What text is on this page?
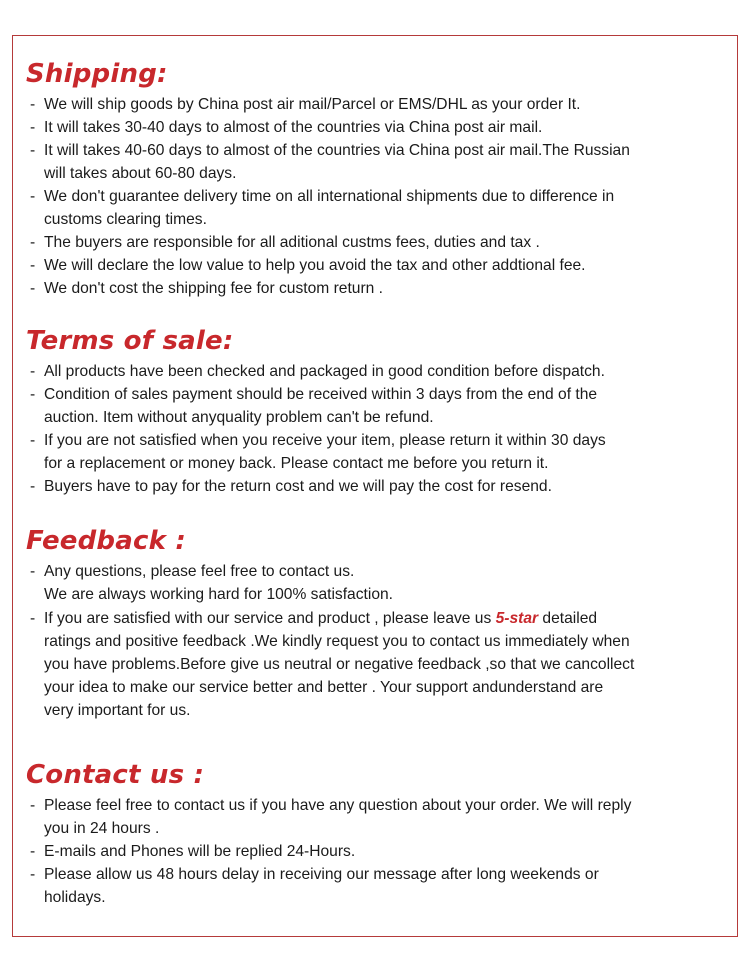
Shipping:
- We will ship goods by China post air mail/Parcel or EMS/DHL as your order It.
- It will takes 30-40 days to almost of the countries via China post air mail.
- It will takes 40-60 days to almost of the countries via China post air mail.The Russian
will takes about 60-80 days.
- We don't guarantee delivery time on all international shipments due to difference in
customs clearing times.
- The buyers are responsible for all aditional custms fees, duties and tax .
- We will declare the low value to help you avoid the tax and other addtional fee.
- We don't cost the shipping fee for custom return .
Terms of sale:
- All products have been checked and packaged in good condition before dispatch.
- Condition of sales payment should be received within 3 days from the end of the
auction. Item without anyquality problem can't be refund.
- If you are not satisfied when you receive your item, please return it within 30 days
for a replacement or money back. Please contact me before you return it.
- Buyers have to pay for the return cost and we will pay the cost for resend.
Feedback :
- Any questions, please feel free to contact us.
We are always working hard for 100% satisfaction.
- If you are satisfied with our service and product , please leave us 5-star detailed
ratings and positive feedback .We kindly request you to contact us immediately when
you have problems.Before give us neutral or negative feedback ,so that we cancollect
your idea to make our service better and better . Your support andunderstand are
very important for us.
Contact us :
- Please feel free to contact us if you have any question about your order. We will reply
you in 24 hours .
- E-mails and Phones will be replied 24-Hours.
- Please allow us 48 hours delay in receiving our message after long weekends or
holidays.
